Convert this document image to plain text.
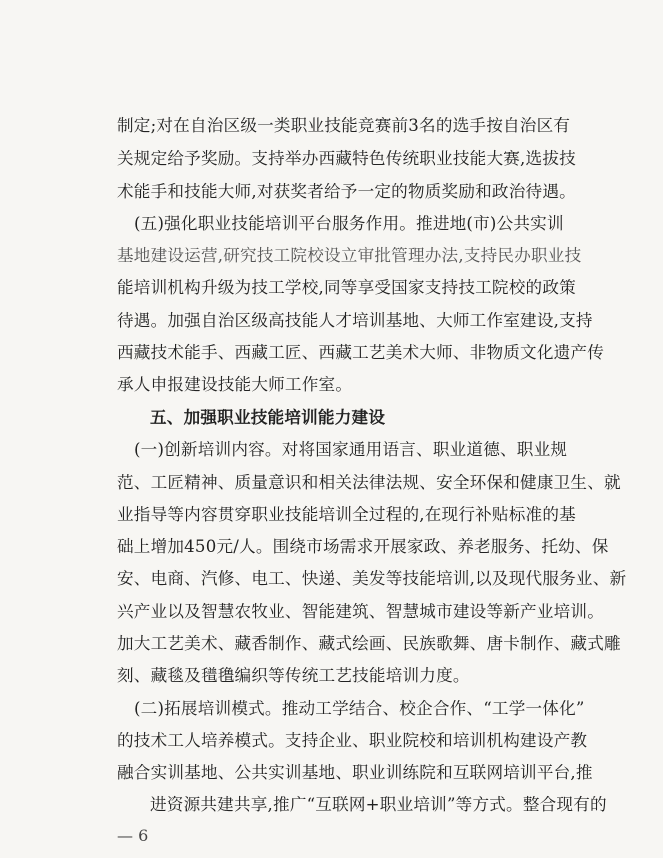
制定;对在自治区级一类职业技能竞赛前3名的选手按自治区有
关规定给予奖励。支持举办西藏特色传统职业技能大赛,选拔技
术能手和技能大师,对获奖者给予一定的物质奖励和政治待遇。
(五)强化职业技能培训平台服务作用。推进地(市)公共实训
基地建设运营,研究技工院校设立审批管理办法,支持民办职业技
能培训机构升级为技工学校,同等享受国家支持技工院校的政策
待遇。加强自治区级高技能人才培训基地、大师工作室建设,支持
西藏技术能手、西藏工匠、西藏工艺美术大师、非物质文化遗产传
承人申报建设技能大师工作室。
五、加强职业技能培训能力建设
(一)创新培训内容。对将国家通用语言、职业道德、职业规
范、工匠精神、质量意识和相关法律法规、安全环保和健康卫生、就
业指导等内容贯穿职业技能培训全过程的,在现行补贴标准的基
础上增加450元/人。围绕市场需求开展家政、养老服务、托幼、保
安、电商、汽修、电工、快递、美发等技能培训,以及现代服务业、新
兴产业以及智慧农牧业、智能建筑、智慧城市建设等新产业培训。
加大工艺美术、藏香制作、藏式绘画、民族歌舞、唐卡制作、藏式雕
刻、藏毯及氆氇编织等传统工艺技能培训力度。
(二)拓展培训模式。推动工学结合、校企合作、“工学一体化”
的技术工人培养模式。支持企业、职业院校和培训机构建设产教
融合实训基地、公共实训基地、职业训练院和互联网培训平台,推
进资源共建共享,推广“互联网+职业培训”等方式。整合现有的
— 6
